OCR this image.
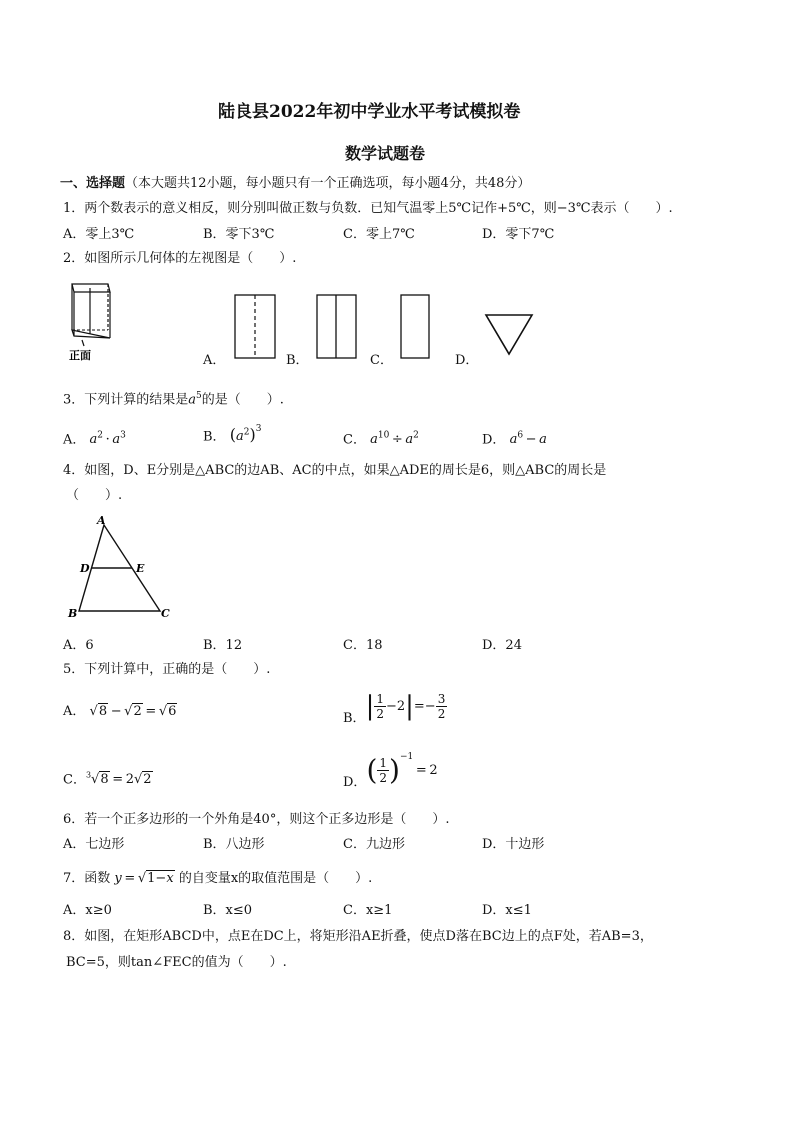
陆良县2022年初中学业水平考试模拟卷
数学试题卷
一、选择题（本大题共12小题，每小题只有一个正确选项，每小题4分，共48分）
1．两个数表示的意义相反，则分别叫做正数与负数．已知气温零上5℃记作+5℃，则−3℃表示（　　）.
A．零上3℃	B．零下3℃	C．零上7℃	D．零下7℃
2．如图所示几何体的左视图是（　　）.
正面	A．	B．	C．	D．
3．下列计算的结果是$a^5$的是（　　）.
A． $a^2 \cdot a^3$	B． $(a^2)^3$
C． $a^{10} \div a^2$	D． $a^6 - a$
4．如图，D、E分别是△ABC的边AB、AC的中点，如果△ADE的周长是6，则△ABC的周长是
（　　）.
A
D	E
B	C
A．6	B．12	C．18	D．24
5．下列计算中，正确的是（　　）.
A． √8 − √2 = √6	B．| $\frac{1}{2} -2|=- \frac{3}{2}$
C．$^3$√8 = 2√2	D．( $\frac{1}{2} )^{-1} = 2$
6．若一个正多边形的一个外角是40°，则这个正多边形是（　　）.
A．七边形	B．八边形	C．九边形	D．十边形
7．函数 y = √1−x 的自变量x的取值范围是（　　）.
A．x≥0	B．x≤0	C．x≥1	D．x≤1
8．如图，在矩形ABCD中，点E在DC上，将矩形沿AE折叠，使点D落在BC边上的点F处，若AB=3，
BC=5，则tan∠FEC的值为（　　）.
